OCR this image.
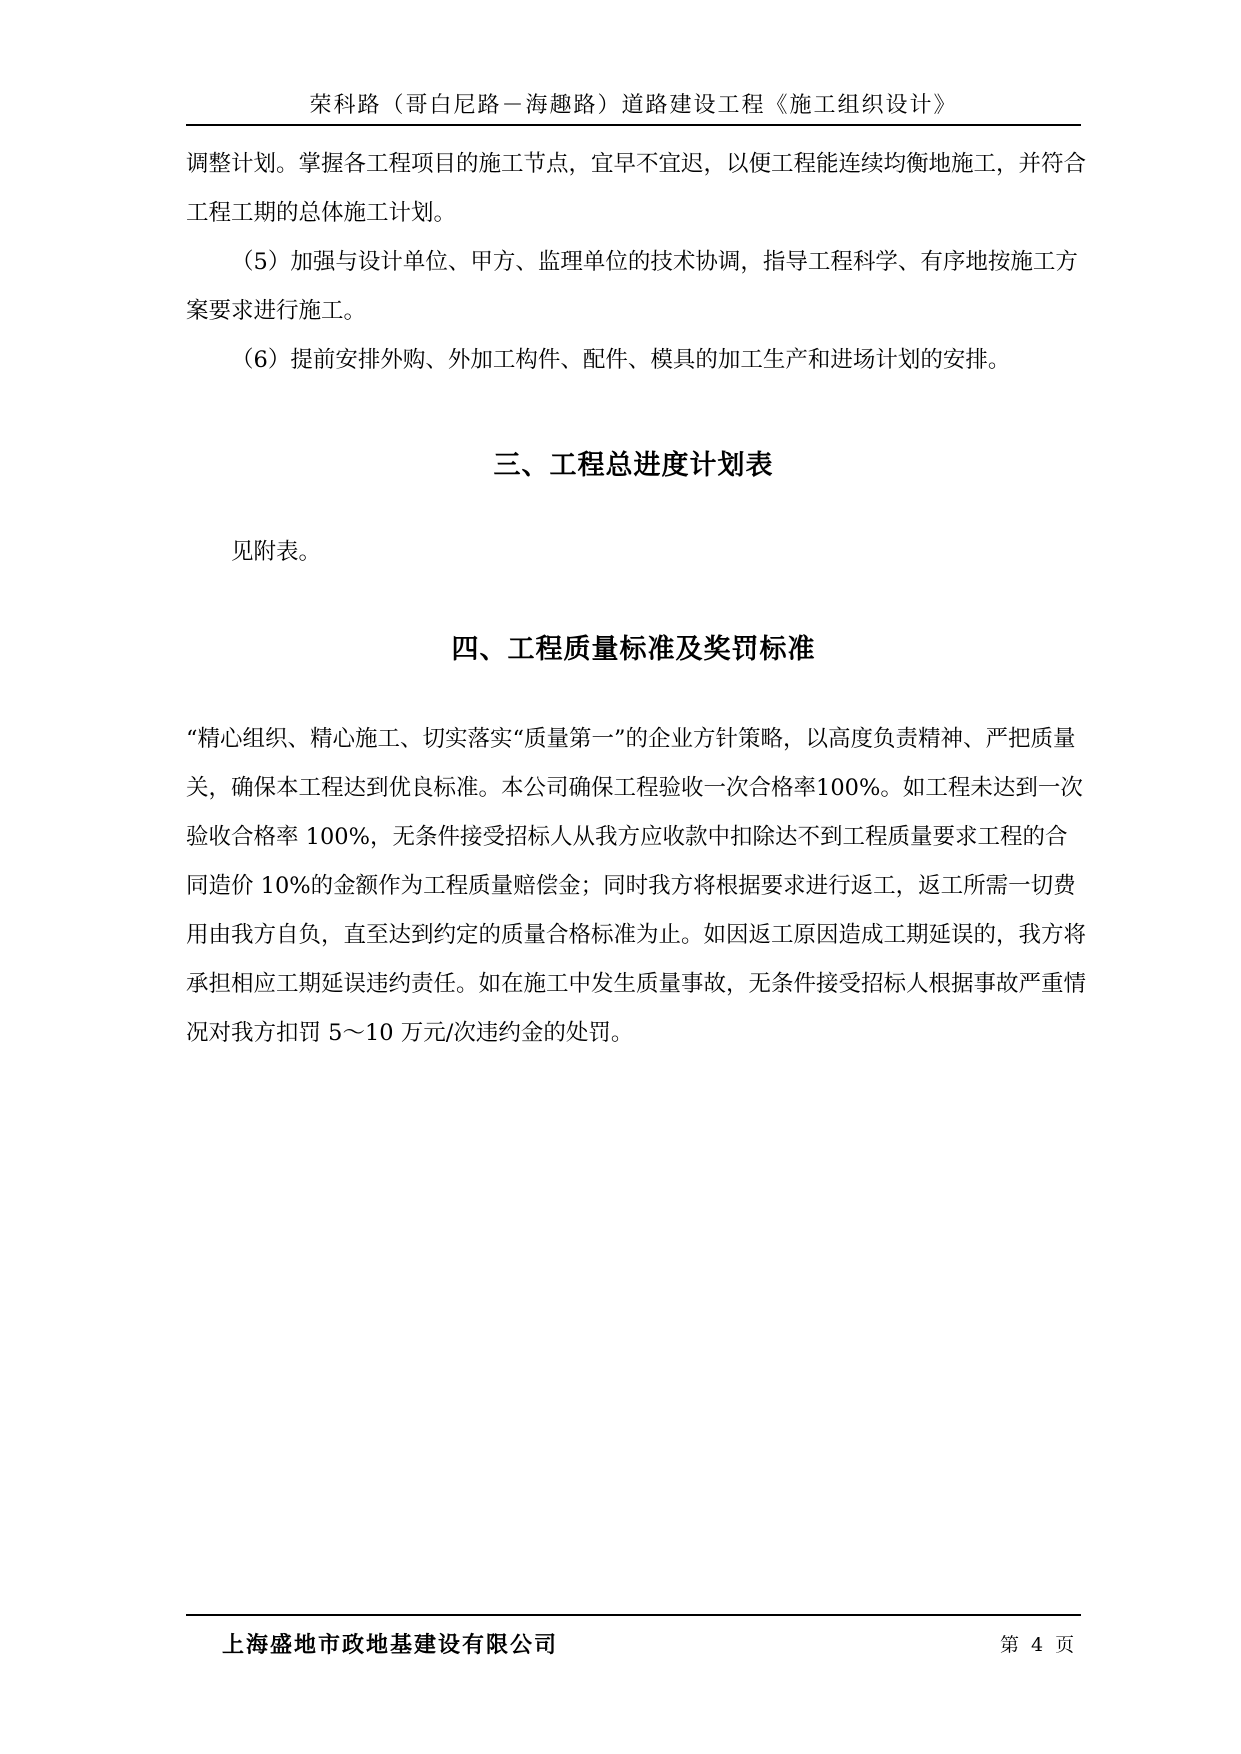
荣科路（哥白尼路－海趣路）道路建设工程《施工组织设计》

调整计划。掌握各工程项目的施工节点，宜早不宜迟，以便工程能连续均衡地施工，并符合工程工期的总体施工计划。

（5）加强与设计单位、甲方、监理单位的技术协调，指导工程科学、有序地按施工方案要求进行施工。

（6）提前安排外购、外加工构件、配件、模具的加工生产和进场计划的安排。

三、工程总进度计划表

见附表。

四、工程质量标准及奖罚标准

“精心组织、精心施工、切实落实“质量第一”的企业方针策略，以高度负责精神、严把质量关，确保本工程达到优良标准。本公司确保工程验收一次合格率100%。如工程未达到一次验收合格率 100%，无条件接受招标人从我方应收款中扣除达不到工程质量要求工程的合同造价 10%的金额作为工程质量赔偿金；同时我方将根据要求进行返工，返工所需一切费用由我方自负，直至达到约定的质量合格标准为止。如因返工原因造成工期延误的，我方将承担相应工期延误违约责任。如在施工中发生质量事故，无条件接受招标人根据事故严重情况对我方扣罚 5～10 万元/次违约金的处罚。

上海盛地市政地基建设有限公司	第 4 页
